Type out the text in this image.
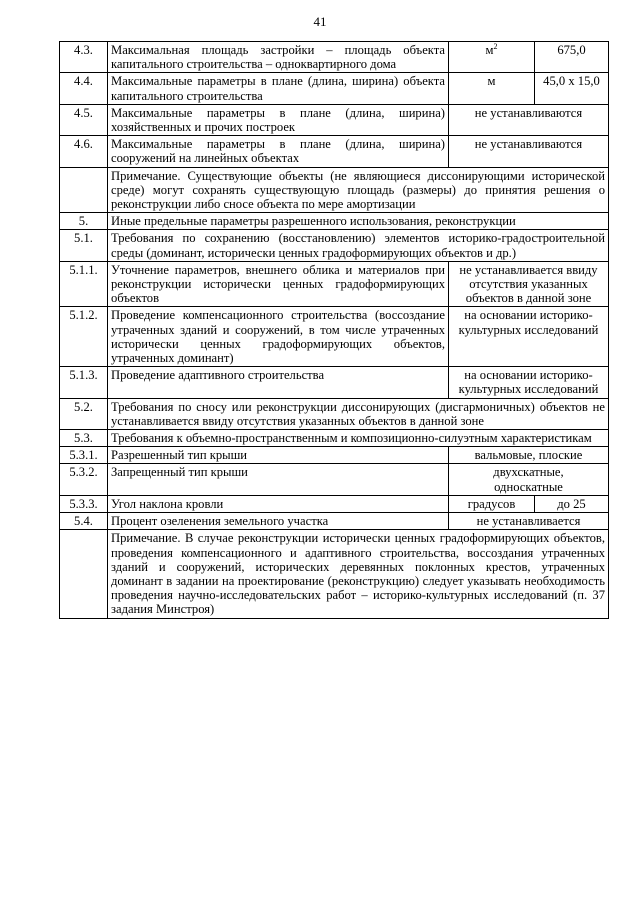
41
4.3.	Максимальная площадь застройки – площадь объекта капитального строительства – одноквартирного дома	$м^2$	675,0
4.4.	Максимальные параметры в плане (длина, ширина) объекта капитального строительства	м	45,0 х 15,0
4.5.	Максимальные параметры в плане (длина, ширина) хозяйственных и прочих построек	не устанавливаются	
4.6.	Максимальные параметры в плане (длина, ширина) сооружений на линейных объектах	не устанавливаются	
	Примечание. Существующие объекты (не являющиеся диссонирующими исторической среде) могут сохранять существующую площадь (размеры) до принятия решения о реконструкции либо сносе объекта по мере амортизации		
5.	Иные предельные параметры разрешенного использования, реконструкции		
5.1.	Требования по сохранению (восстановлению) элементов историко-градостроительной среды (доминант, исторически ценных градоформирующих объектов и др.)		
5.1.1.	Уточнение параметров, внешнего облика и материалов при реконструкции исторически ценных градоформирующих объектов	не устанавливается ввиду отсутствия указанных объектов в данной зоне	
5.1.2.	Проведение компенсационного строительства (воссоздание утраченных зданий и сооружений, в том числе утраченных исторически ценных градоформирующих объектов, утраченных доминант)	на основании историко-культурных исследований	
5.1.3.	Проведение адаптивного строительства	на основании историко-культурных исследований	
5.2.	Требования по сносу или реконструкции диссонирующих (дисгармоничных) объектов не устанавливается ввиду отсутствия указанных объектов в данной зоне		
5.3.	Требования к объемно-пространственным и композиционно-силуэтным характеристикам		
5.3.1.	Разрешенный тип крыши	вальмовые, плоские	
5.3.2.	Запрещенный тип крыши	двухскатные, односкатные	
5.3.3.	Угол наклона кровли	градусов	до 25
5.4.	Процент озеленения земельного участка	не устанавливается	
	Примечание. В случае реконструкции исторически ценных градоформирующих объектов, проведения компенсационного и адаптивного строительства, воссоздания утраченных зданий и сооружений, исторических деревянных поклонных крестов, утраченных доминант в задании на проектирование (реконструкцию) следует указывать необходимость проведения научно-исследовательских работ – историко-культурных исследований (п. 37 задания Минстроя)		
